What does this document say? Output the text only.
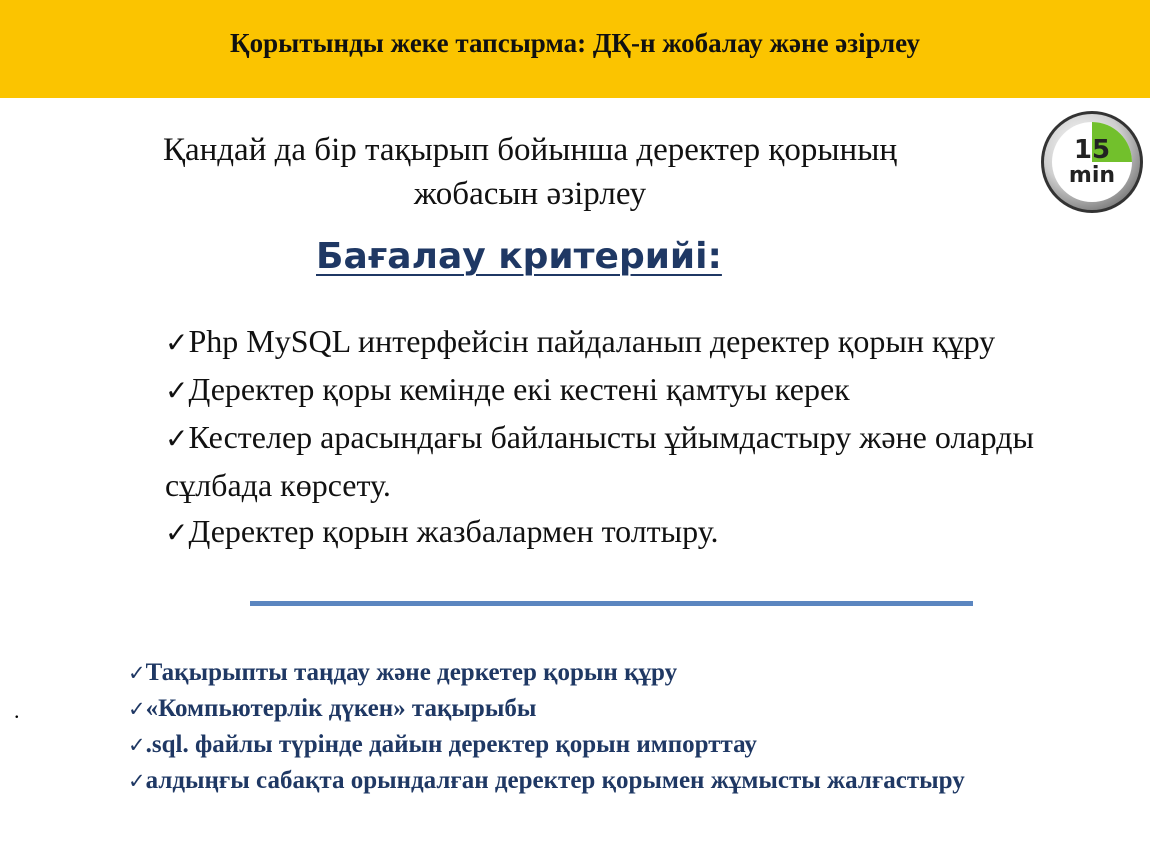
Қорытынды жеке тапсырма: ДҚ-н жобалау және әзірлеу
Қандай да бір тақырып бойынша деректер қорының
жобасын әзірлеу
15
min
Бағалау критерийі:
✓Php MySQL интерфейсін пайдаланып деректер қорын құру
✓Деректер қоры кемінде екі кестені қамтуы керек
✓Кестелер арасындағы байланысты ұйымдастыру және оларды сұлбада көрсету.
✓Деректер қорын жазбалармен толтыру.
.
✓Тақырыпты таңдау және деркетер қорын құру
✓«Компьютерлік дүкен» тақырыбы
✓.sql. файлы түрінде дайын деректер қорын импорттау
✓алдыңғы сабақта орындалған деректер қорымен жұмысты жалғастыру
